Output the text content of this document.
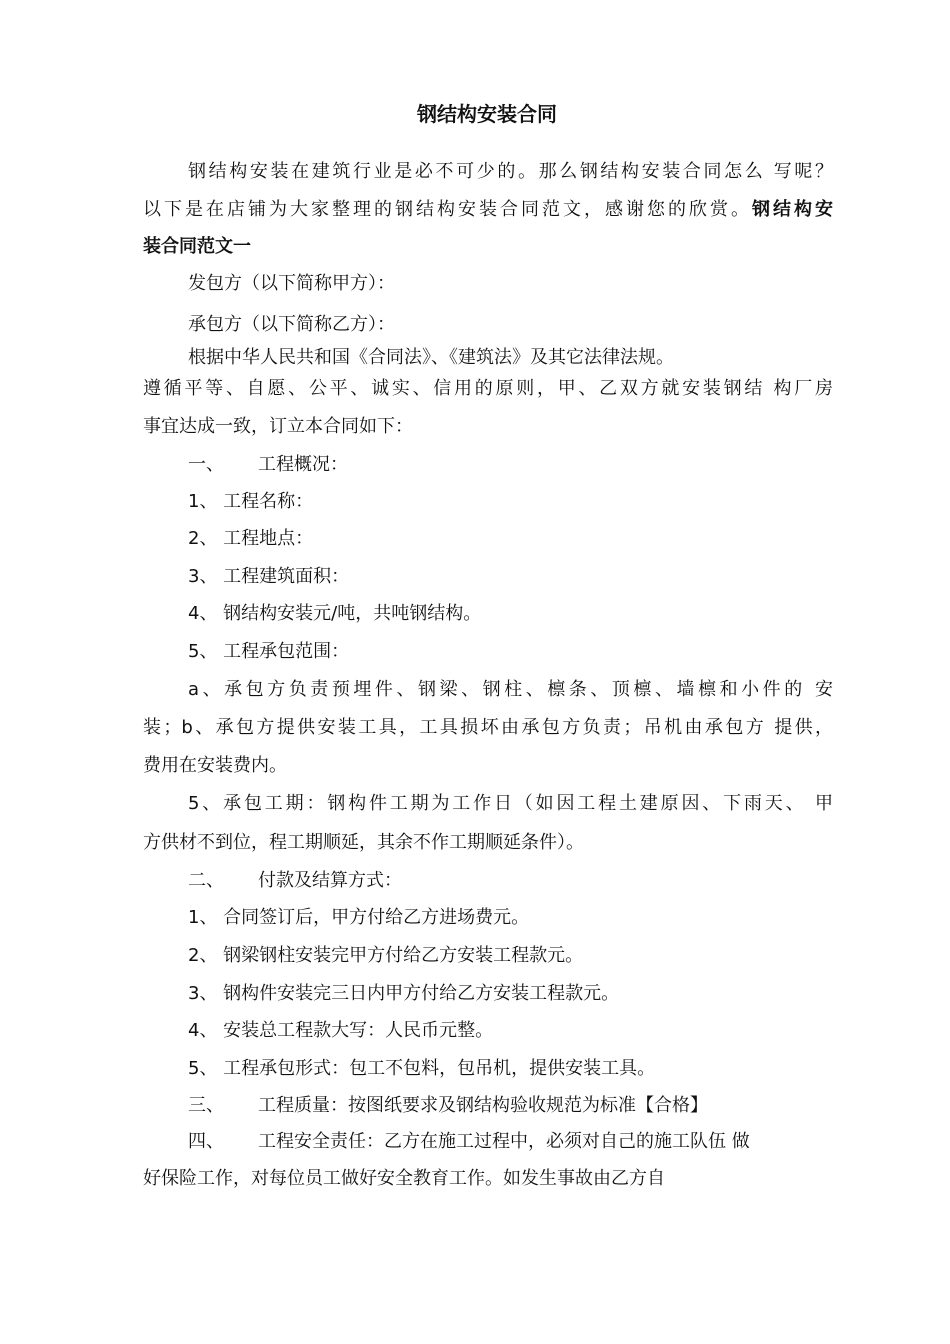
钢结构安装合同
钢结构安装在建筑行业是必不可少的。那么钢结构安装合同怎么 写呢？
以下是在店铺为大家整理的钢结构安装合同范文，感谢您的欣赏。钢结构安
装合同范文一
发包方（以下简称甲方）：
承包方（以下简称乙方）：
根据中华人民共和国《合同法》、《建筑法》及其它法律法规。
遵循平等、自愿、公平、诚实、信用的原则，甲、乙双方就安装钢结 构厂房
事宜达成一致，订立本合同如下：
一、 工程概况：
1、 工程名称：
2、 工程地点：
3、 工程建筑面积：
4、 钢结构安装元/吨，共吨钢结构。
5、 工程承包范围：
a、承包方负责预埋件、钢梁、钢柱、檩条、顶檩、墙檩和小件的 安
装；b、承包方提供安装工具，工具损坏由承包方负责；吊机由承包方 提供，
费用在安装费内。
5、承包工期：钢构件工期为工作日（如因工程土建原因、下雨天、 甲
方供材不到位，程工期顺延，其余不作工期顺延条件）。
二、 付款及结算方式：
1、 合同签订后，甲方付给乙方进场费元。
2、 钢梁钢柱安装完甲方付给乙方安装工程款元。
3、 钢构件安装完三日内甲方付给乙方安装工程款元。
4、 安装总工程款大写：人民币元整。
5、 工程承包形式：包工不包料，包吊机，提供安装工具。
三、 工程质量：按图纸要求及钢结构验收规范为标准【合格】
四、 工程安全责任：乙方在施工过程中，必须对自己的施工队伍 做
好保险工作，对每位员工做好安全教育工作。如发生事故由乙方自
